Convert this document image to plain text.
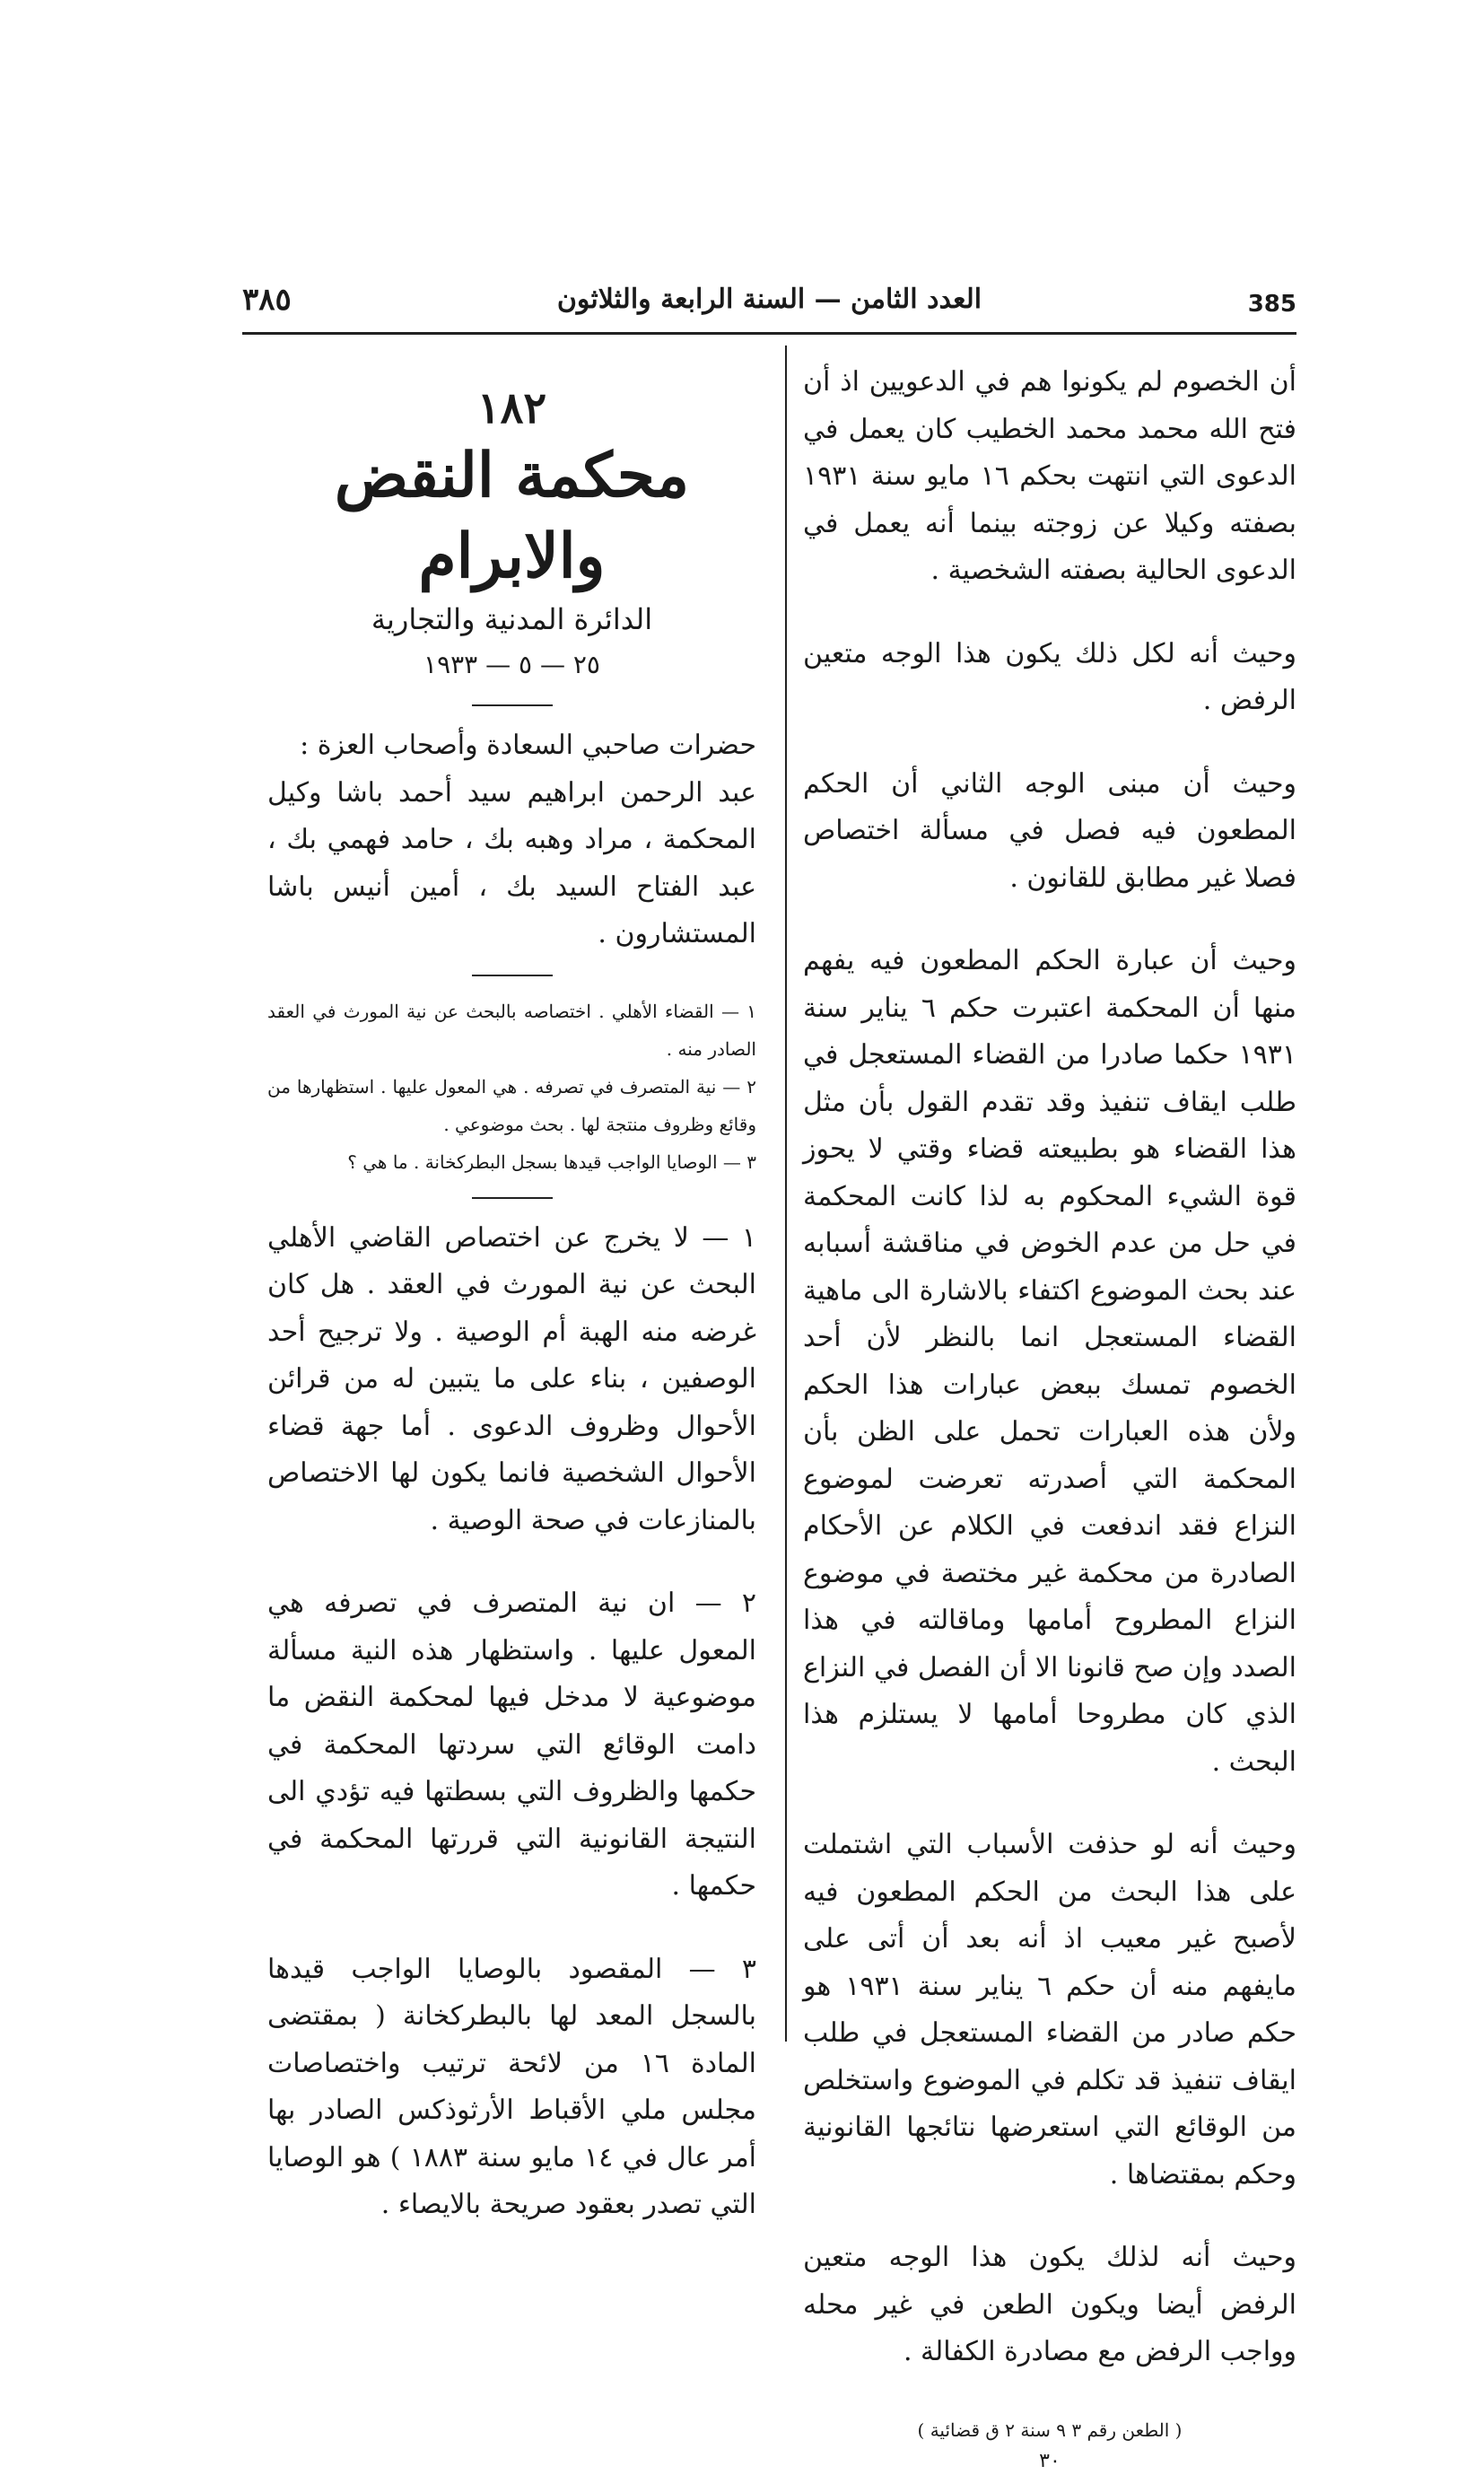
385
العدد الثامن — السنة الرابعة والثلاثون
٣٨٥

أن الخصوم لم يكونوا هم في الدعويين اذ أن فتح الله محمد محمد الخطيب كان يعمل في الدعوى التي انتهت بحكم ١٦ مايو سنة ١٩٣١ بصفته وكيلا عن زوجته بينما أنه يعمل في الدعوى الحالية بصفته الشخصية .

وحيث أنه لكل ذلك يكون هذا الوجه متعين الرفض .

وحيث أن مبنى الوجه الثاني أن الحكم المطعون فيه فصل في مسألة اختصاص فصلا غير مطابق للقانون .

وحيث أن عبارة الحكم المطعون فيه يفهم منها أن المحكمة اعتبرت حكم ٦ يناير سنة ١٩٣١ حكما صادرا من القضاء المستعجل في طلب ايقاف تنفيذ وقد تقدم القول بأن مثل هذا القضاء هو بطبيعته قضاء وقتي لا يحوز قوة الشيء المحكوم به لذا كانت المحكمة في حل من عدم الخوض في مناقشة أسبابه عند بحث الموضوع اكتفاء بالاشارة الى ماهية القضاء المستعجل انما بالنظر لأن أحد الخصوم تمسك ببعض عبارات هذا الحكم ولأن هذه العبارات تحمل على الظن بأن المحكمة التي أصدرته تعرضت لموضوع النزاع فقد اندفعت في الكلام عن الأحكام الصادرة من محكمة غير مختصة في موضوع النزاع المطروح أمامها وماقالته في هذا الصدد وإن صح قانونا الا أن الفصل في النزاع الذي كان مطروحا أمامها لا يستلزم هذا البحث .

وحيث أنه لو حذفت الأسباب التي اشتملت على هذا البحث من الحكم المطعون فيه لأصبح غير معيب اذ أنه بعد أن أتى على مايفهم منه أن حكم ٦ يناير سنة ١٩٣١ هو حكم صادر من القضاء المستعجل في طلب ايقاف تنفيذ قد تكلم في الموضوع واستخلص من الوقائع التي استعرضها نتائجها القانونية وحكم بمقتضاها .

وحيث أنه لذلك يكون هذا الوجه متعين الرفض أيضا ويكون الطعن في غير محله وواجب الرفض مع مصادرة الكفالة .

( الطعن رقم ٣ ٩ سنة ٢ ق قضائية )

٣٠

١٨٢

محكمة النقض والابرام

الدائرة المدنية والتجارية

٢٥ — ٥ — ١٩٣٣

حضرات صاحبي السعادة وأصحاب العزة :

عبد الرحمن ابراهيم سيد أحمد باشا وكيل المحكمة ، مراد وهبه بك ، حامد فهمي بك ، عبد الفتاح السيد بك ، أمين أنيس باشا المستشارون .

١ — القضاء الأهلي . اختصاصه بالبحث عن نية المورث في العقد الصادر منه .

٢ — نية المتصرف في تصرفه . هي المعول عليها . استظهارها من وقائع وظروف منتجة لها . بحث موضوعي .

٣ — الوصايا الواجب قيدها بسجل البطركخانة . ما هي ؟

١ — لا يخرج عن اختصاص القاضي الأهلي البحث عن نية المورث في العقد . هل كان غرضه منه الهبة أم الوصية . ولا ترجيح أحد الوصفين ، بناء على ما يتبين له من قرائن الأحوال وظروف الدعوى . أما جهة قضاء الأحوال الشخصية فانما يكون لها الاختصاص بالمنازعات في صحة الوصية .

٢ — ان نية المتصرف في تصرفه هي المعول عليها . واستظهار هذه النية مسألة موضوعية لا مدخل فيها لمحكمة النقض ما دامت الوقائع التي سردتها المحكمة في حكمها والظروف التي بسطتها فيه تؤدي الى النتيجة القانونية التي قررتها المحكمة في حكمها .

٣ — المقصود بالوصايا الواجب قيدها بالسجل المعد لها بالبطركخانة ( بمقتضى المادة ١٦ من لائحة ترتيب واختصاصات مجلس ملي الأقباط الأرثوذكس الصادر بها أمر عال في ١٤ مايو سنة ١٨٨٣ ) هو الوصايا التي تصدر بعقود صريحة بالايصاء .
